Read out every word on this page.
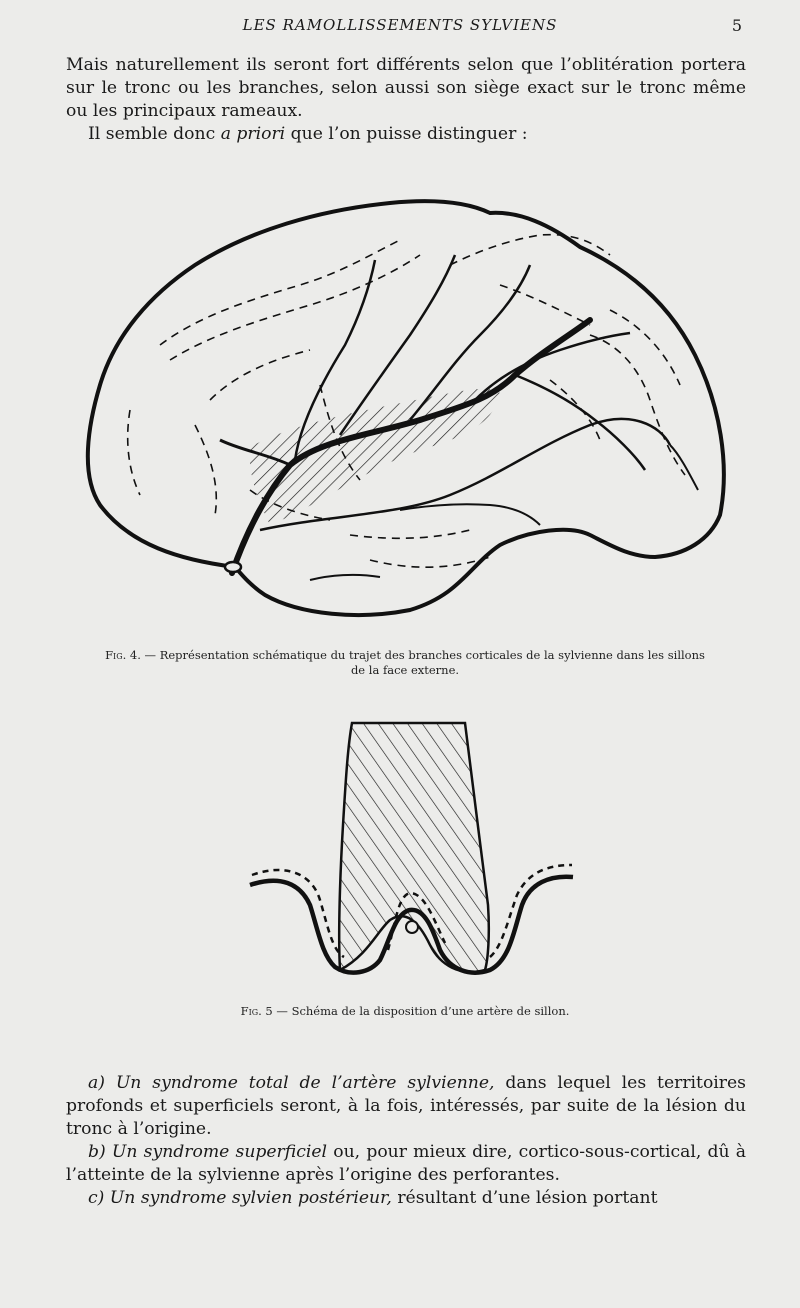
LES RAMOLLISSEMENTS SYLVIENS	5

Mais naturellement ils seront fort différents selon que l’oblitération portera sur le tronc ou les branches, selon aussi son siège exact sur le tronc même ou les principaux rameaux.

Il semble donc a priori que l’on puisse distinguer :

Fig. 4. — Représentation schématique du trajet des branches corticales de la sylvienne dans les sillons
de la face externe.
Fig. 5 — Schéma de la disposition d’une artère de sillon.

a) Un syndrome total de l’artère sylvienne, dans lequel les territoires profonds et superficiels seront, à la fois, intéressés, par suite de la lésion du tronc à l’origine.

b) Un syndrome superficiel ou, pour mieux dire, cortico-sous-cortical, dû à l’atteinte de la sylvienne après l’origine des perforantes.

c) Un syndrome sylvien postérieur, résultant d’une lésion portant
